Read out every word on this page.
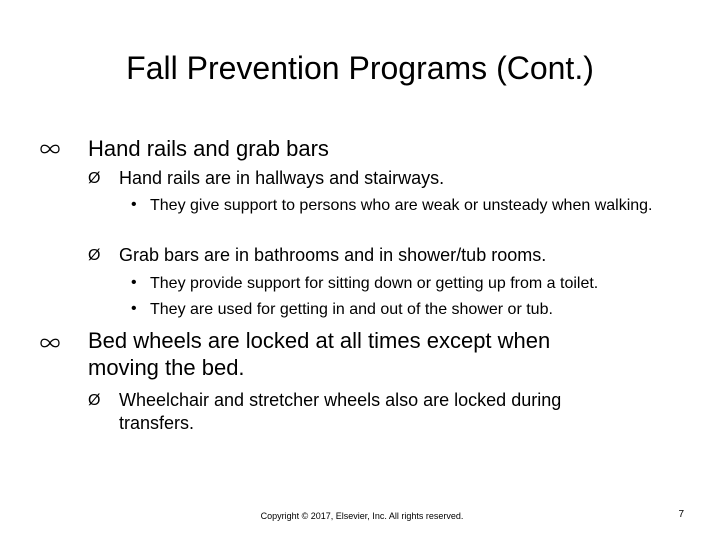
Fall Prevention Programs (Cont.)
Hand rails and grab bars
Ø Hand rails are in hallways and stairways.
• They give support to persons who are weak or unsteady when walking.
Ø Grab bars are in bathrooms and in shower/tub rooms.
• They provide support for sitting down or getting up from a toilet.
• They are used for getting in and out of the shower or tub.
Bed wheels are locked at all times except when moving the bed.
Ø Wheelchair and stretcher wheels also are locked during transfers.
Copyright © 2017, Elsevier, Inc. All rights reserved.	7
